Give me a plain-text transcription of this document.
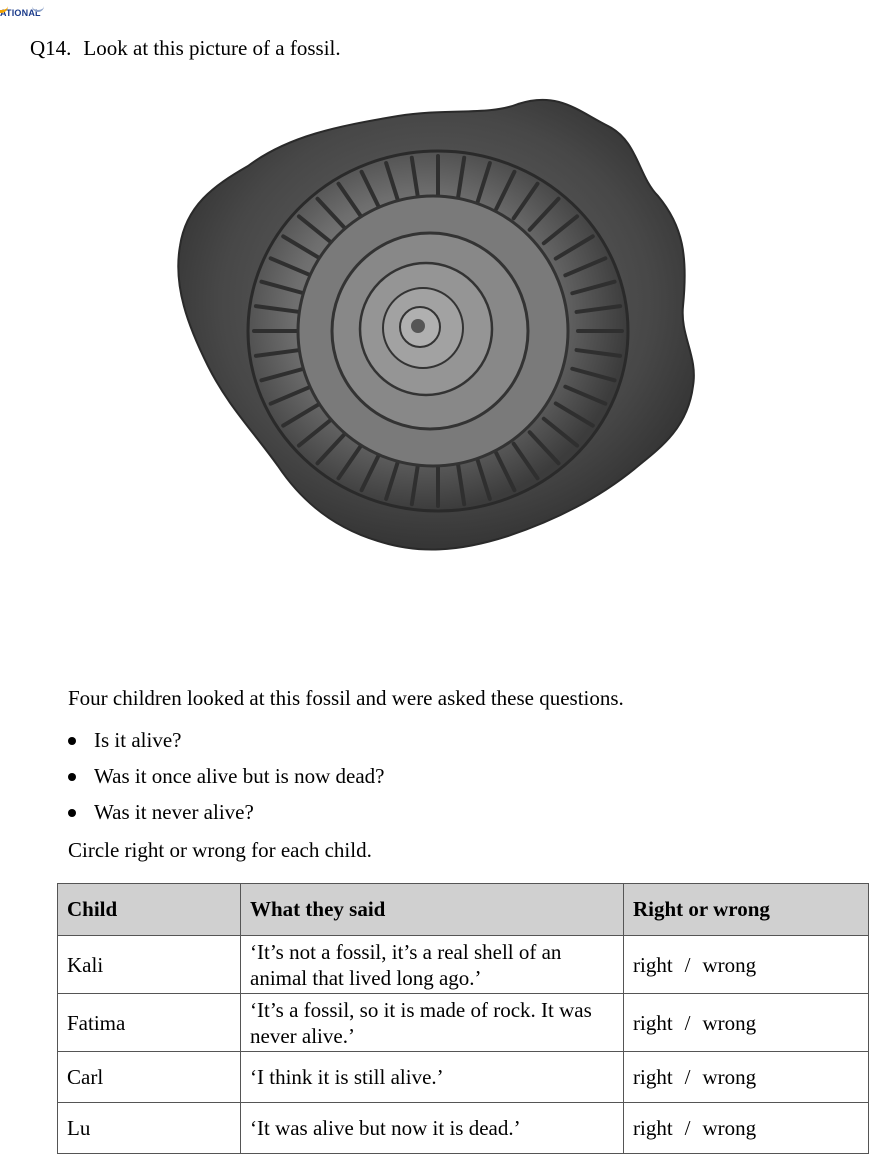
ATIONAL
Q14. Look at this picture of a fossil.
Four children looked at this fossil and were asked these questions.
Is it alive?
Was it once alive but is now dead?
Was it never alive?
Circle right or wrong for each child.
Child	What they said	Right or wrong
Kali	‘It’s not a fossil, it’s a real shell of an animal that lived long ago.’	right / wrong
Fatima	‘It’s a fossil, so it is made of rock. It was never alive.’	right / wrong
Carl	‘I think it is still alive.’	right / wrong
Lu	‘It was alive but now it is dead.’	right / wrong
